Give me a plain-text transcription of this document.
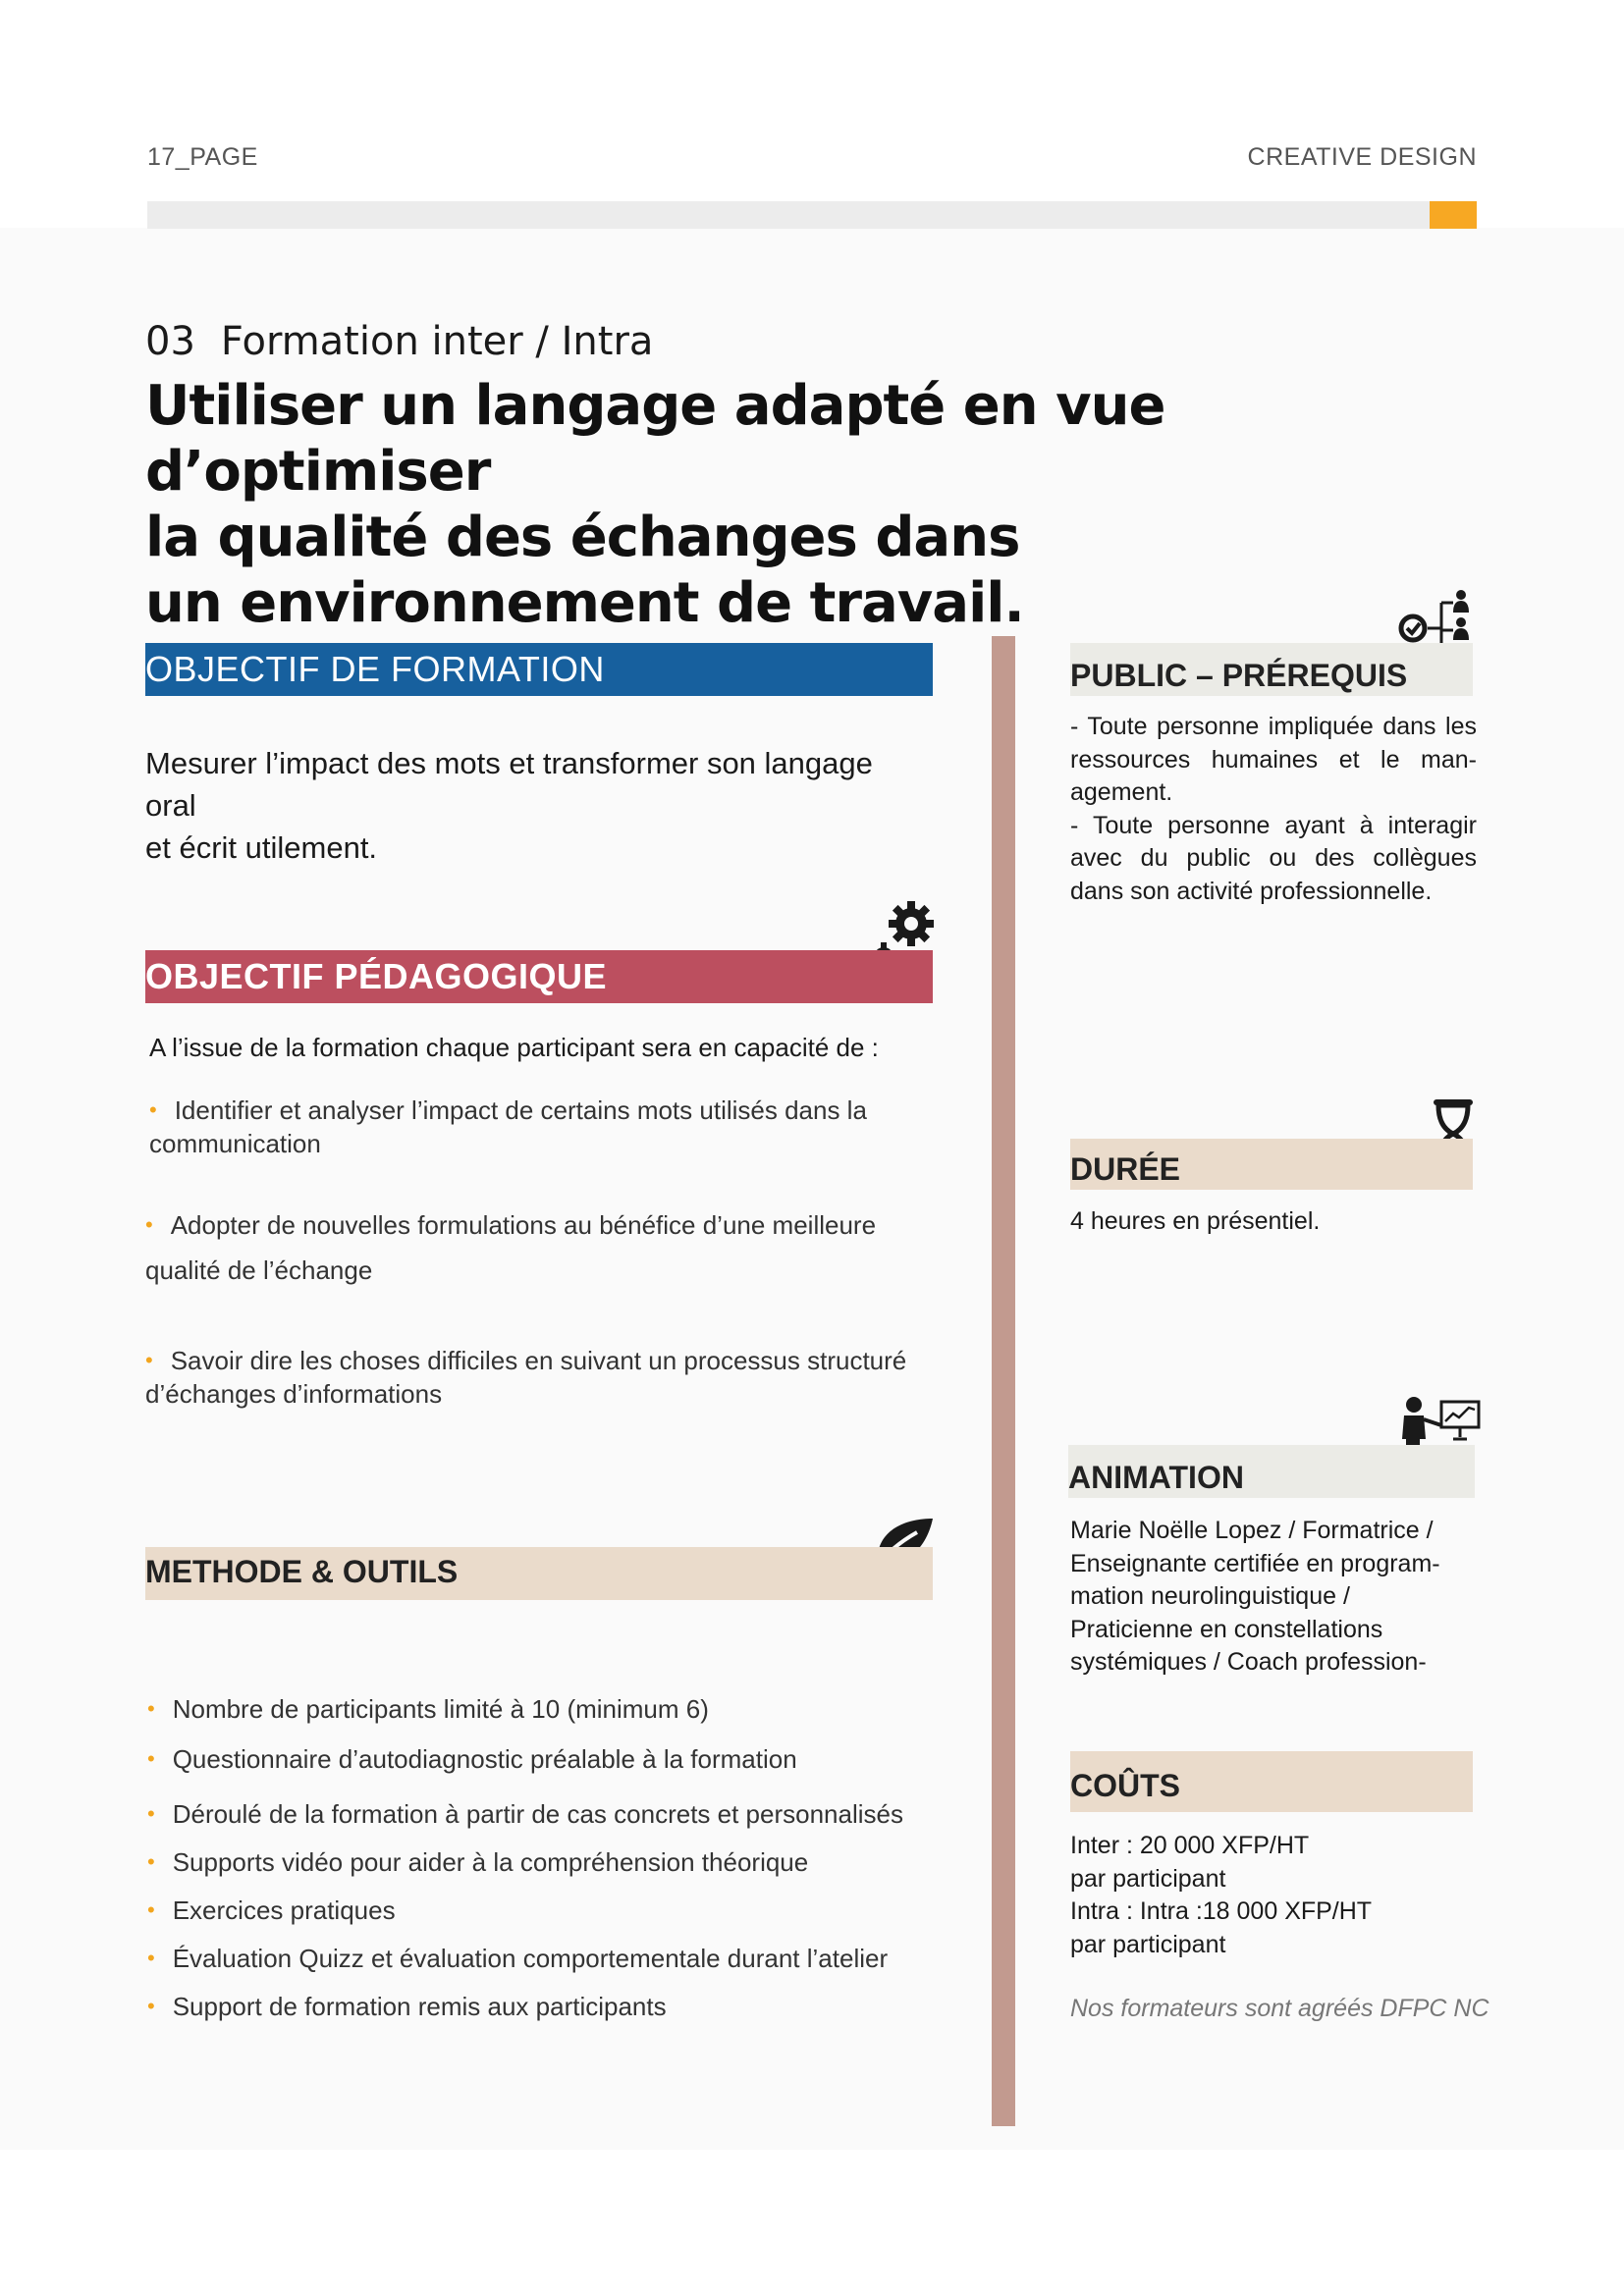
17_PAGE	CREATIVE DESIGN
03 Formation inter / Intra
Utiliser un langage adapté en vue d’optimiser
la qualité des échanges dans
un environnement de travail.
OBJECTIF DE FORMATION
Mesurer l’impact des mots et transformer son langage oral
et écrit utilement.
OBJECTIF PÉDAGOGIQUE
A l’issue de la formation chaque participant sera en capacité de :
• Identifier et analyser l’impact de certains mots utilisés dans la
communication
• Adopter de nouvelles formulations au bénéfice d’une meilleure
qualité de l’échange
• Savoir dire les choses difficiles en suivant un processus structuré
d’échanges d’informations
METHODE & OUTILS
• Nombre de participants limité à 10 (minimum 6)
• Questionnaire d’autodiagnostic préalable à la formation
• Déroulé de la formation à partir de cas concrets et personnalisés
• Supports vidéo pour aider à la compréhension théorique
• Exercices pratiques
• Évaluation Quizz et évaluation comportementale durant l’atelier
• Support de formation remis aux participants
PUBLIC – PRÉREQUIS
- Toute personne impliquée dans les ressources humaines et le man-agement.
- Toute personne ayant à interagir avec du public ou des collègues dans son activité professionnelle.
DURÉE
4 heures en présentiel.
ANIMATION
Marie Noëlle Lopez / Formatrice /
Enseignante certifiée en program-
mation neurolinguistique /
Praticienne en constellations
systémiques / Coach profession-
COÛTS
Inter : 20 000 XFP/HT
par participant
Intra : Intra :18 000 XFP/HT
par participant
Nos formateurs sont agréés DFPC NC
